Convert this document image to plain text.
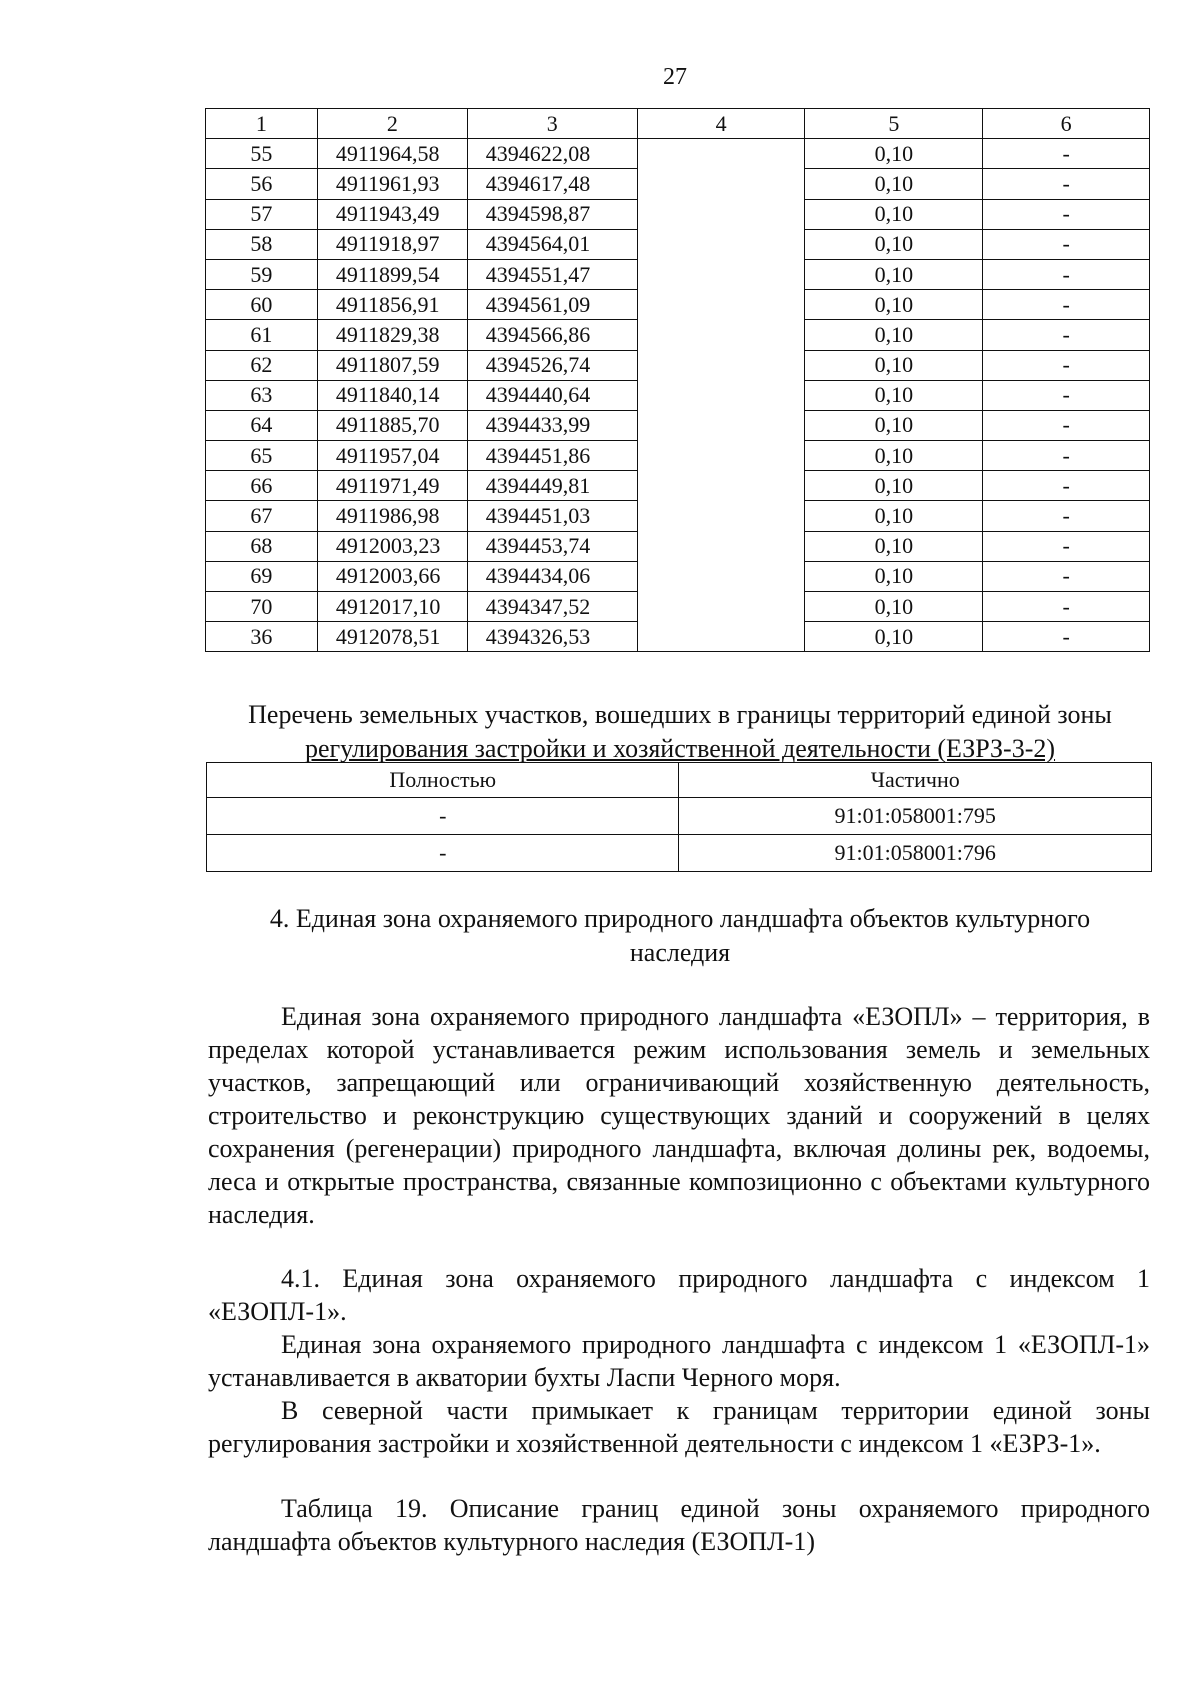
27
1	2	3	4	5	6
55	4911964,58	4394622,08		0,10	-
56	4911961,93	4394617,48		0,10	-
57	4911943,49	4394598,87		0,10	-
58	4911918,97	4394564,01		0,10	-
59	4911899,54	4394551,47		0,10	-
60	4911856,91	4394561,09		0,10	-
61	4911829,38	4394566,86		0,10	-
62	4911807,59	4394526,74		0,10	-
63	4911840,14	4394440,64		0,10	-
64	4911885,70	4394433,99		0,10	-
65	4911957,04	4394451,86		0,10	-
66	4911971,49	4394449,81		0,10	-
67	4911986,98	4394451,03		0,10	-
68	4912003,23	4394453,74		0,10	-
69	4912003,66	4394434,06		0,10	-
70	4912017,10	4394347,52		0,10	-
36	4912078,51	4394326,53		0,10	-
Перечень земельных участков, вошедших в границы территорий единой зоны
регулирования застройки и хозяйственной деятельности (ЕЗРЗ-3-2)
Полностью	Частично
-	91:01:058001:795
-	91:01:058001:796
4. Единая зона охраняемого природного ландшафта объектов культурного
наследия

Единая зона охраняемого природного ландшафта «ЕЗОПЛ» – территория, в пределах которой устанавливается режим использования земель и земельных участков, запрещающий или ограничивающий хозяйственную деятельность, строительство и реконструкцию существующих зданий и сооружений в целях сохранения (регенерации) природного ландшафта, включая долины рек, водоемы, леса и открытые пространства, связанные композиционно с объектами культурного наследия.

4.1. Единая зона охраняемого природного ландшафта с индексом 1 «ЕЗОПЛ-1».

Единая зона охраняемого природного ландшафта с индексом 1 «ЕЗОПЛ-1» устанавливается в акватории бухты Ласпи Черного моря.

В северной части примыкает к границам территории единой зоны регулирования застройки и хозяйственной деятельности с индексом 1 «ЕЗРЗ-1».

Таблица 19. Описание границ единой зоны охраняемого природного ландшафта объектов культурного наследия (ЕЗОПЛ-1)
